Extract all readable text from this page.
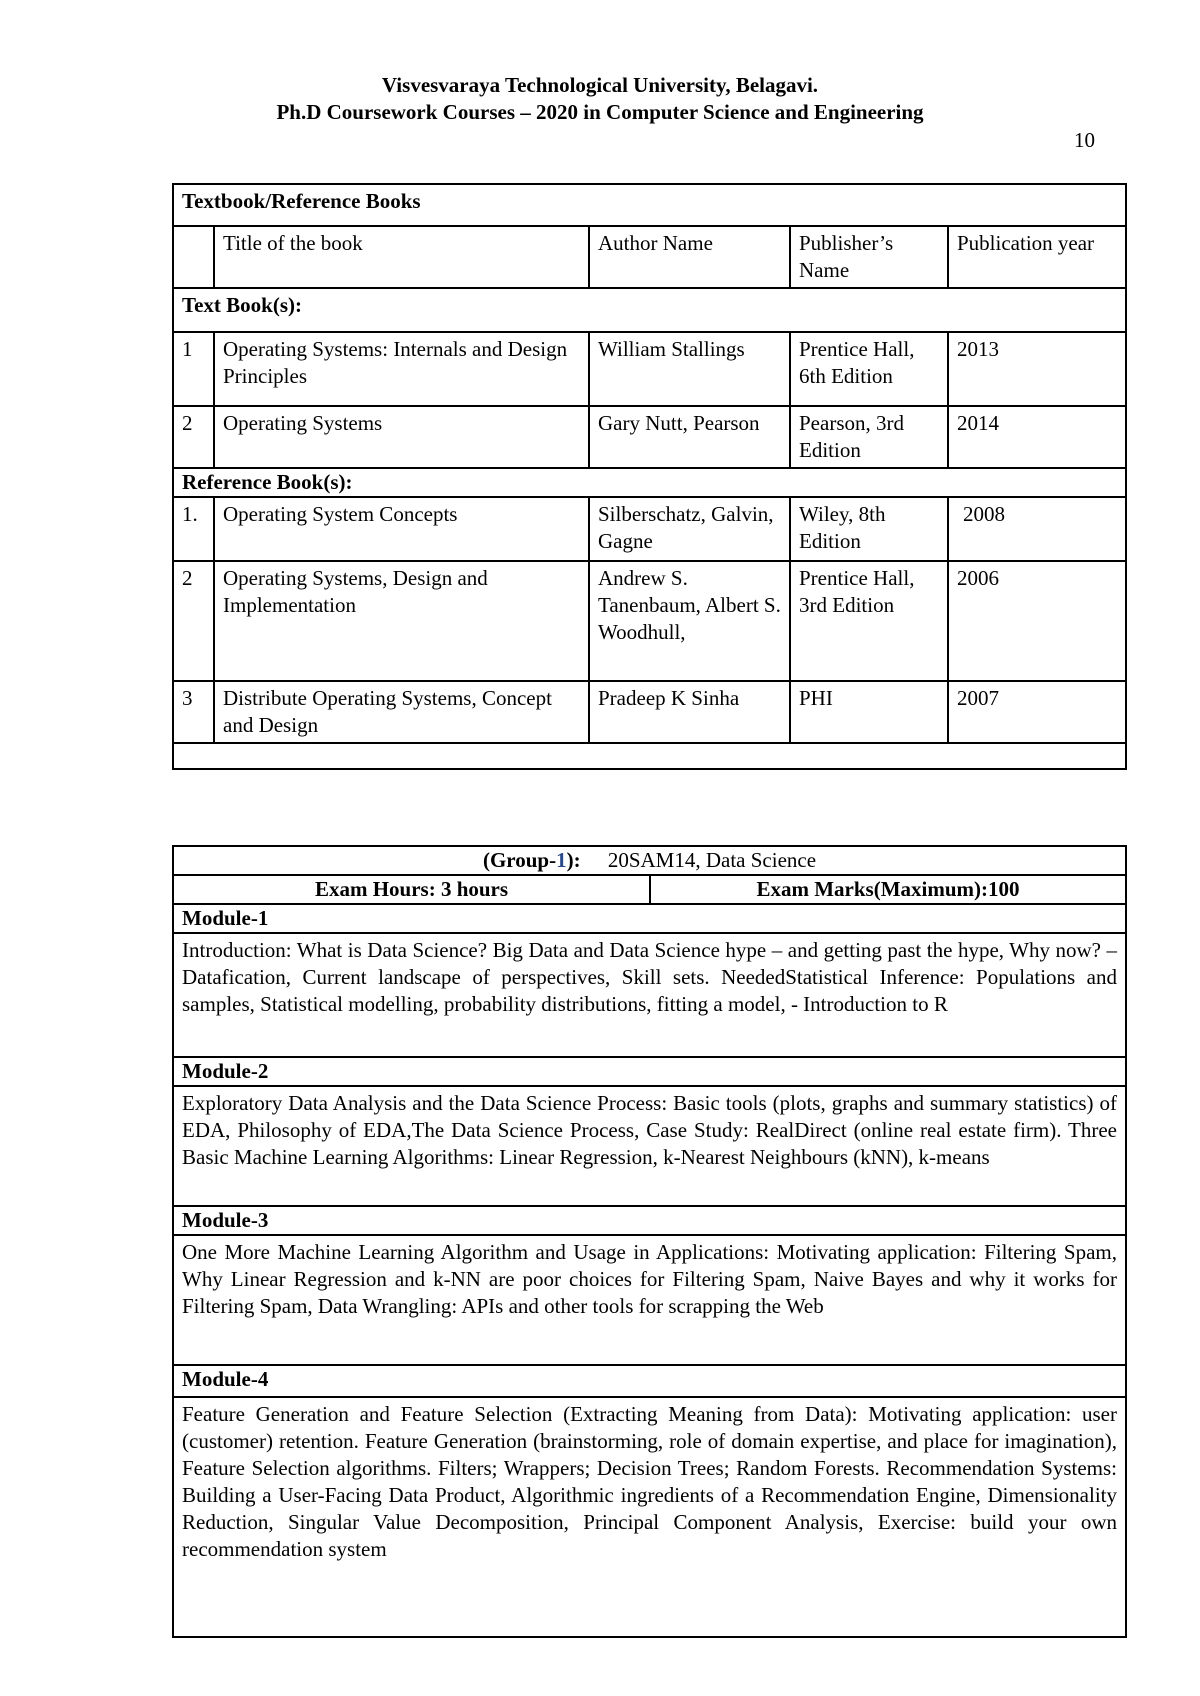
Visvesvaraya Technological University, Belagavi.
Ph.D Coursework Courses – 2020 in Computer Science and Engineering
10
Textbook/Reference Books				
	Title of the book	Author Name	Publisher’s Name	Publication year
Text Book(s):				
1	Operating Systems: Internals and Design Principles	William Stallings	Prentice Hall, 6th Edition	2013
2	Operating Systems	Gary Nutt, Pearson	Pearson, 3rd Edition	2014
Reference Book(s):				
1.	Operating System Concepts	Silberschatz, Galvin, Gagne	Wiley, 8th Edition	2008
2	Operating Systems, Design and Implementation	Andrew S. Tanenbaum, Albert S. Woodhull,	Prentice Hall, 3rd Edition	2006
3	Distribute Operating Systems, Concept and Design	Pradeep K Sinha	PHI	2007

(Group-1): 20SAM14, Data Science
Exam Hours: 3 hours	Exam Marks(Maximum):100
Module-1
Introduction: What is Data Science? Big Data and Data Science hype – and getting past the hype, Why now? – Datafication, Current landscape of perspectives, Skill sets. NeededStatistical Inference: Populations and samples, Statistical modelling, probability distributions, fitting a model, - Introduction to R
Module-2
Exploratory Data Analysis and the Data Science Process: Basic tools (plots, graphs and summary statistics) of EDA, Philosophy of EDA,The Data Science Process, Case Study: RealDirect (online real estate firm). Three Basic Machine Learning Algorithms: Linear Regression, k-Nearest Neighbours (kNN), k-means
Module-3
One More Machine Learning Algorithm and Usage in Applications: Motivating application: Filtering Spam, Why Linear Regression and k-NN are poor choices for Filtering Spam, Naive Bayes and why it works for Filtering Spam, Data Wrangling: APIs and other tools for scrapping the Web
Module-4
Feature Generation and Feature Selection (Extracting Meaning from Data): Motivating application: user (customer) retention. Feature Generation (brainstorming, role of domain expertise, and place for imagination), Feature Selection algorithms. Filters; Wrappers; Decision Trees; Random Forests. Recommendation Systems: Building a User-Facing Data Product, Algorithmic ingredients of a Recommendation Engine, Dimensionality Reduction, Singular Value Decomposition, Principal Component Analysis, Exercise: build your own recommendation system
